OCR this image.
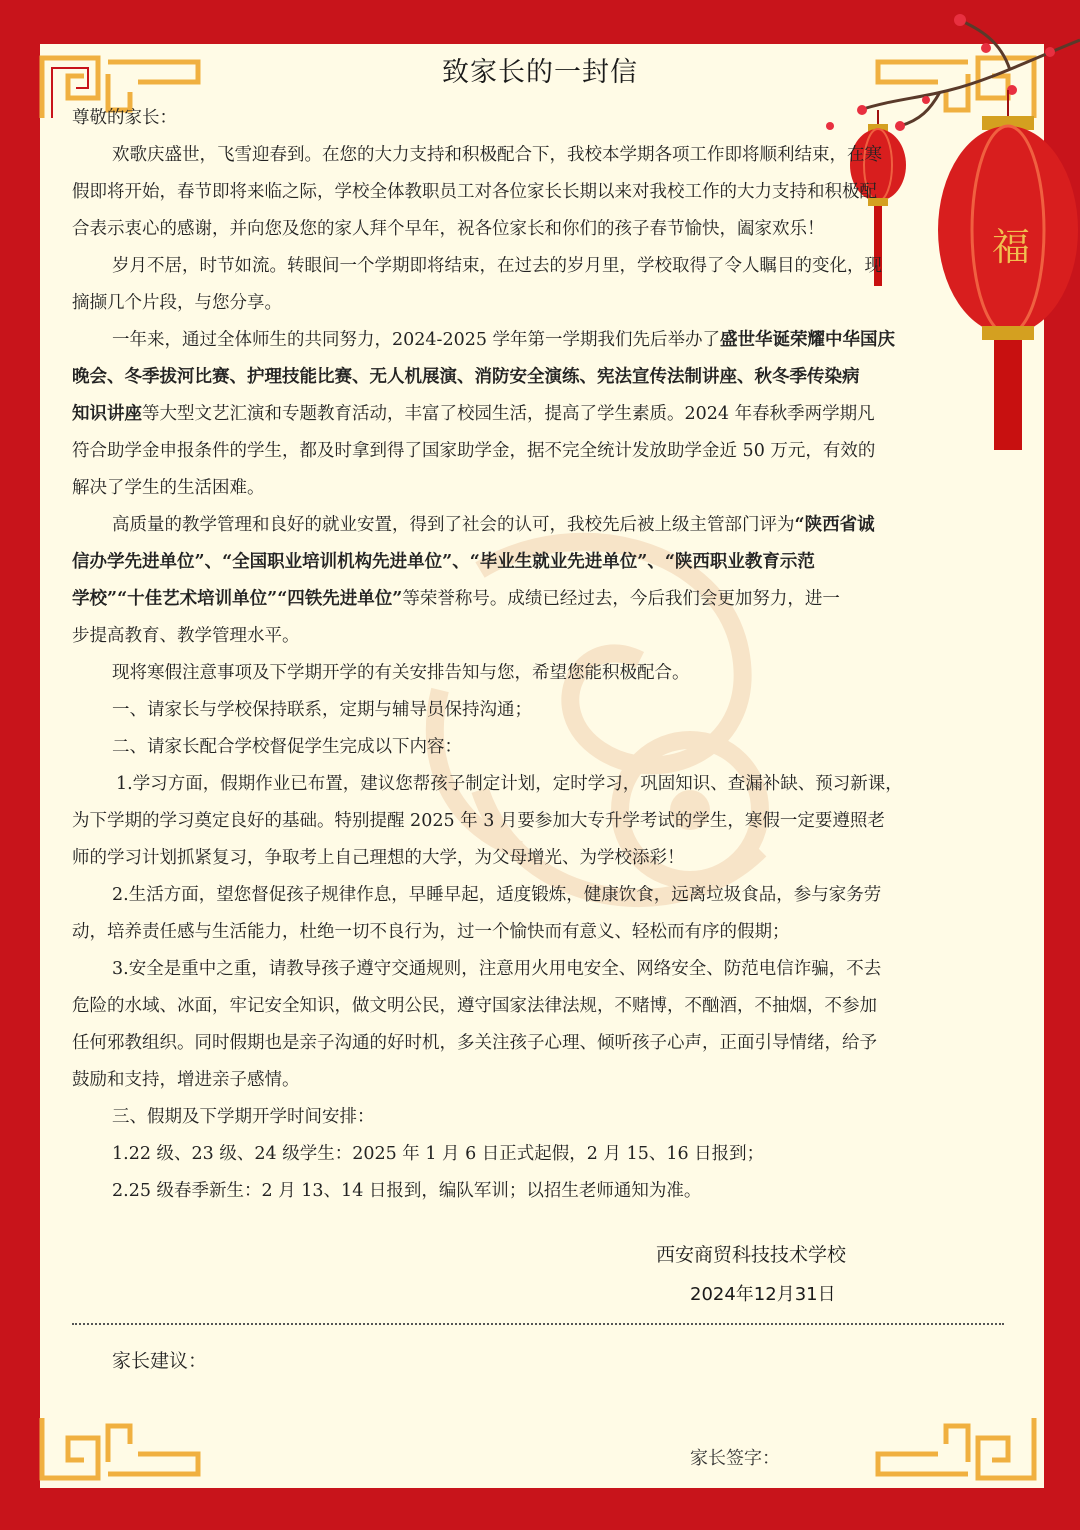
福
致家长的一封信
尊敬的家长：
欢歌庆盛世，飞雪迎春到。在您的大力支持和积极配合下，我校本学期各项工作即将顺利结束，在寒
假即将开始，春节即将来临之际，学校全体教职员工对各位家长长期以来对我校工作的大力支持和积极配
合表示衷心的感谢，并向您及您的家人拜个早年，祝各位家长和你们的孩子春节愉快，阖家欢乐！
岁月不居，时节如流。转眼间一个学期即将结束，在过去的岁月里，学校取得了令人瞩目的变化，现
摘撷几个片段，与您分享。
一年来，通过全体师生的共同努力，2024-2025 学年第一学期我们先后举办了盛世华诞荣耀中华国庆
晚会、冬季拔河比赛、护理技能比赛、无人机展演、消防安全演练、宪法宣传法制讲座、秋冬季传染病
知识讲座等大型文艺汇演和专题教育活动，丰富了校园生活，提高了学生素质。2024 年春秋季两学期凡
符合助学金申报条件的学生，都及时拿到得了国家助学金，据不完全统计发放助学金近 50 万元，有效的
解决了学生的生活困难。
高质量的教学管理和良好的就业安置，得到了社会的认可，我校先后被上级主管部门评为“陕西省诚
信办学先进单位”、“全国职业培训机构先进单位”、“毕业生就业先进单位”、“陕西职业教育示范
学校”“十佳艺术培训单位”“四铁先进单位”等荣誉称号。成绩已经过去，今后我们会更加努力，进一
步提高教育、教学管理水平。
现将寒假注意事项及下学期开学的有关安排告知与您，希望您能积极配合。
一、请家长与学校保持联系，定期与辅导员保持沟通；
二、请家长配合学校督促学生完成以下内容：
1.学习方面，假期作业已布置，建议您帮孩子制定计划，定时学习，巩固知识、查漏补缺、预习新课，
为下学期的学习奠定良好的基础。特别提醒 2025 年 3 月要参加大专升学考试的学生，寒假一定要遵照老
师的学习计划抓紧复习，争取考上自己理想的大学，为父母增光、为学校添彩！
2.生活方面，望您督促孩子规律作息，早睡早起，适度锻炼，健康饮食，远离垃圾食品，参与家务劳
动，培养责任感与生活能力，杜绝一切不良行为，过一个愉快而有意义、轻松而有序的假期；
3.安全是重中之重，请教导孩子遵守交通规则，注意用火用电安全、网络安全、防范电信诈骗，不去
危险的水域、冰面，牢记安全知识，做文明公民，遵守国家法律法规，不赌博，不酗酒，不抽烟，不参加
任何邪教组织。同时假期也是亲子沟通的好时机，多关注孩子心理、倾听孩子心声，正面引导情绪，给予
鼓励和支持，增进亲子感情。
三、假期及下学期开学时间安排：
1.22 级、23 级、24 级学生：2025 年 1 月 6 日正式起假，2 月 15、16 日报到；
2.25 级春季新生：2 月 13、14 日报到，编队军训；以招生老师通知为准。
西安商贸科技技术学校
2024年12月31日
家长建议：
家长签字：
